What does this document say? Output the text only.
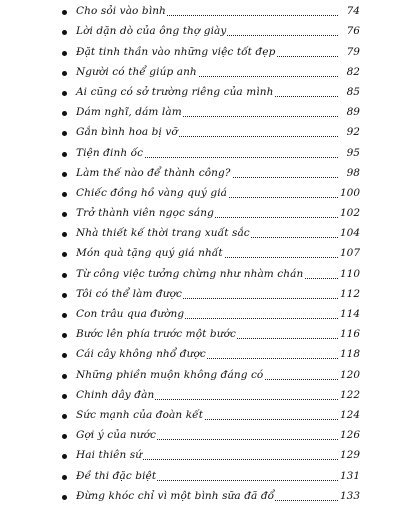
Cho sỏi vào bình	74
Lời dặn dò của ông thợ giày	76
Đặt tinh thần vào những việc tốt đẹp	79
Người có thể giúp anh	82
Ai cũng có sở trường riêng của mình	85
Dám nghĩ, dám làm	89
Gắn bình hoa bị vỡ	92
Tiện đinh ốc	95
Làm thế nào để thành công?	98
Chiếc đồng hồ vàng quý giá	100
Trở thành viên ngọc sáng	102
Nhà thiết kế thời trang xuất sắc	104
Món quà tặng quý giá nhất	107
Từ công việc tưởng chừng như nhàm chán	110
Tôi có thể làm được	112
Con trâu qua đường	114
Bước lên phía trước một bước	116
Cái cây không nhổ được	118
Những phiền muộn không đáng có	120
Chinh dây đàn	122
Sức mạnh của đoàn kết	124
Gợi ý của nước	126
Hai thiên sứ	129
Đề thi đặc biệt	131
Đừng khóc chỉ vì một bình sữa đã đổ	133
